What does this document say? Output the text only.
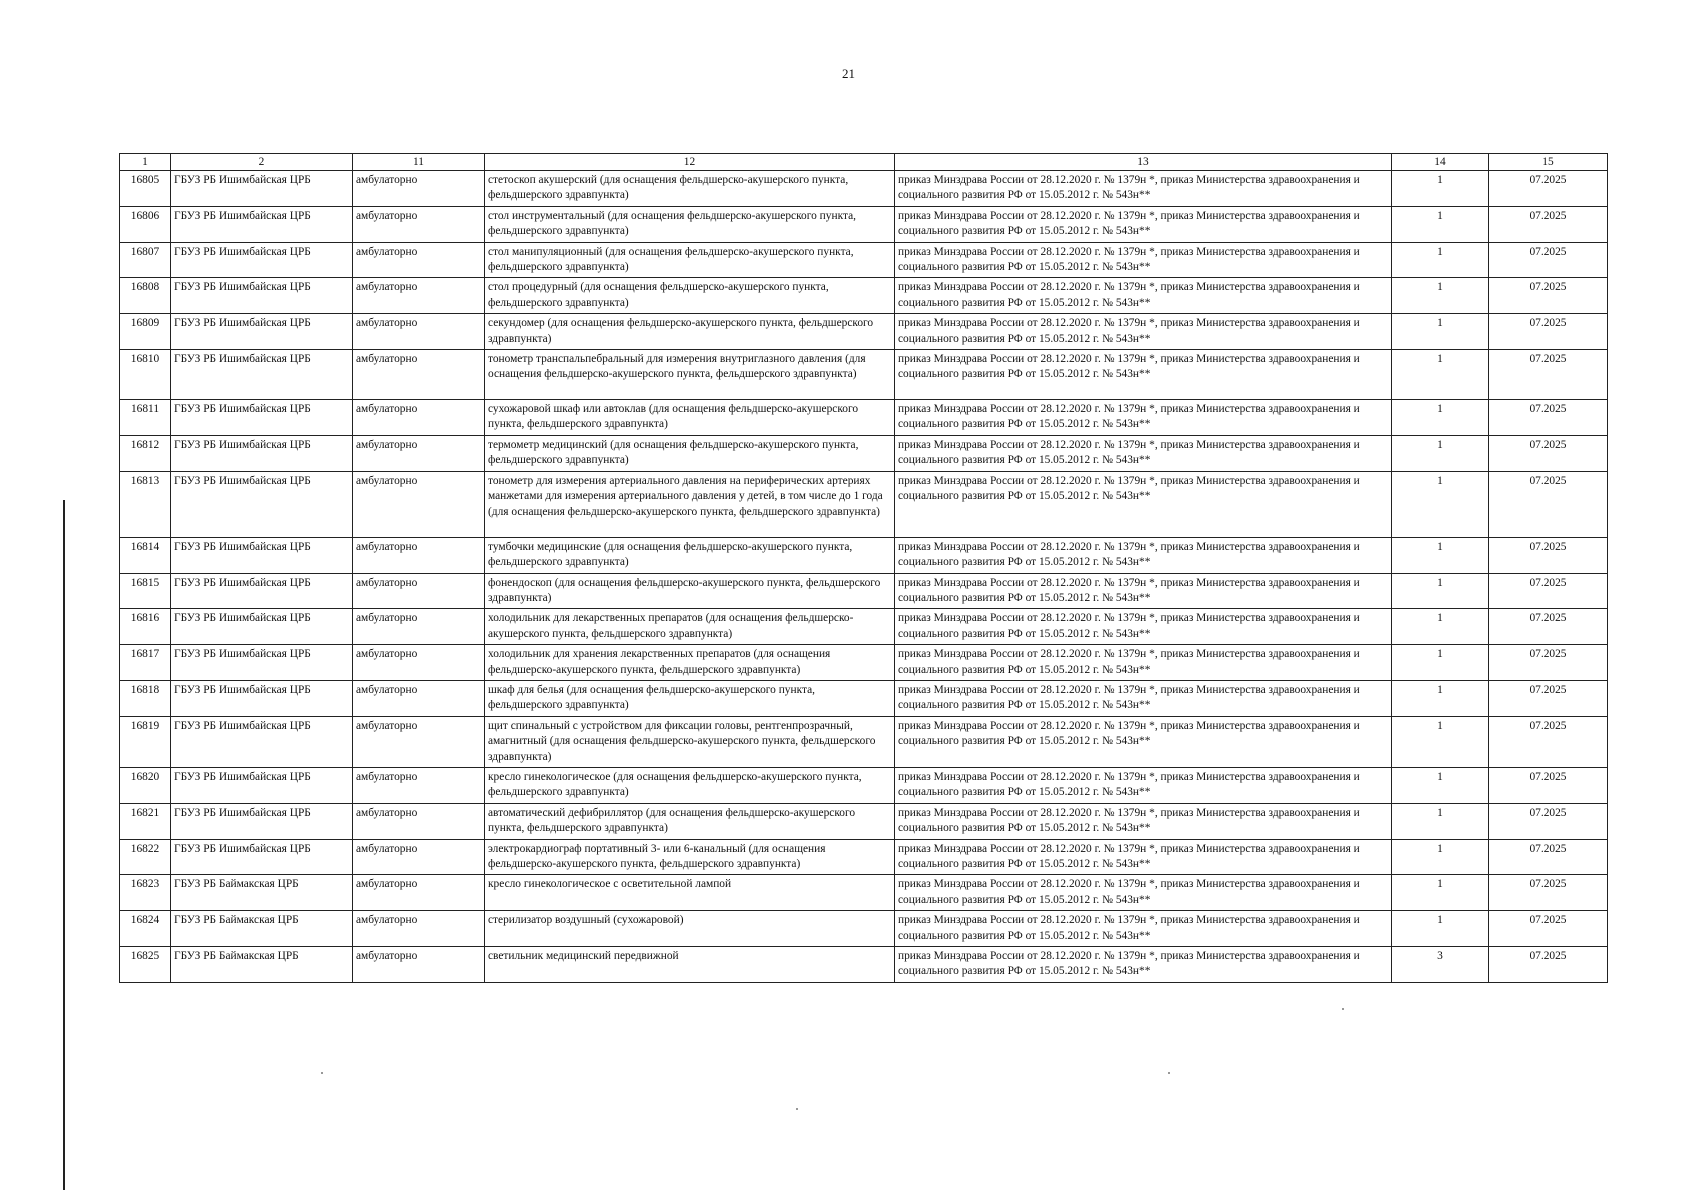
21
1	2	11	12	13	14	15
16805	ГБУЗ РБ Ишимбайская ЦРБ	амбулаторно	стетоскоп акушерский (для оснащения фельдшерско-акушерского пункта, фельдшерского здравпункта)	приказ Минздрава России от 28.12.2020 г. № 1379н *, приказ Министерства здравоохранения и социального развития РФ от 15.05.2012 г. № 543н**	1	07.2025
16806	ГБУЗ РБ Ишимбайская ЦРБ	амбулаторно	стол инструментальный (для оснащения фельдшерско-акушерского пункта, фельдшерского здравпункта)	приказ Минздрава России от 28.12.2020 г. № 1379н *, приказ Министерства здравоохранения и социального развития РФ от 15.05.2012 г. № 543н**	1	07.2025
16807	ГБУЗ РБ Ишимбайская ЦРБ	амбулаторно	стол манипуляционный (для оснащения фельдшерско-акушерского пункта, фельдшерского здравпункта)	приказ Минздрава России от 28.12.2020 г. № 1379н *, приказ Министерства здравоохранения и социального развития РФ от 15.05.2012 г. № 543н**	1	07.2025
16808	ГБУЗ РБ Ишимбайская ЦРБ	амбулаторно	стол процедурный (для оснащения фельдшерско-акушерского пункта, фельдшерского здравпункта)	приказ Минздрава России от 28.12.2020 г. № 1379н *, приказ Министерства здравоохранения и социального развития РФ от 15.05.2012 г. № 543н**	1	07.2025
16809	ГБУЗ РБ Ишимбайская ЦРБ	амбулаторно	секундомер (для оснащения фельдшерско-акушерского пункта, фельдшерского здравпункта)	приказ Минздрава России от 28.12.2020 г. № 1379н *, приказ Министерства здравоохранения и социального развития РФ от 15.05.2012 г. № 543н**	1	07.2025
16810	ГБУЗ РБ Ишимбайская ЦРБ	амбулаторно	тонометр транспальпебральный для измерения внутриглазного давления (для оснащения фельдшерско-акушерского пункта, фельдшерского здравпункта)	приказ Минздрава России от 28.12.2020 г. № 1379н *, приказ Министерства здравоохранения и социального развития РФ от 15.05.2012 г. № 543н**	1	07.2025
16811	ГБУЗ РБ Ишимбайская ЦРБ	амбулаторно	сухожаровой шкаф или автоклав (для оснащения фельдшерско-акушерского пункта, фельдшерского здравпункта)	приказ Минздрава России от 28.12.2020 г. № 1379н *, приказ Министерства здравоохранения и социального развития РФ от 15.05.2012 г. № 543н**	1	07.2025
16812	ГБУЗ РБ Ишимбайская ЦРБ	амбулаторно	термометр медицинский (для оснащения фельдшерско-акушерского пункта, фельдшерского здравпункта)	приказ Минздрава России от 28.12.2020 г. № 1379н *, приказ Министерства здравоохранения и социального развития РФ от 15.05.2012 г. № 543н**	1	07.2025
16813	ГБУЗ РБ Ишимбайская ЦРБ	амбулаторно	тонометр для измерения артериального давления на периферических артериях манжетами для измерения артериального давления у детей, в том числе до 1 года (для оснащения фельдшерско-акушерского пункта, фельдшерского здравпункта)	приказ Минздрава России от 28.12.2020 г. № 1379н *, приказ Министерства здравоохранения и социального развития РФ от 15.05.2012 г. № 543н**	1	07.2025
16814	ГБУЗ РБ Ишимбайская ЦРБ	амбулаторно	тумбочки медицинские (для оснащения фельдшерско-акушерского пункта, фельдшерского здравпункта)	приказ Минздрава России от 28.12.2020 г. № 1379н *, приказ Министерства здравоохранения и социального развития РФ от 15.05.2012 г. № 543н**	1	07.2025
16815	ГБУЗ РБ Ишимбайская ЦРБ	амбулаторно	фонендоскоп (для оснащения фельдшерско-акушерского пункта, фельдшерского здравпункта)	приказ Минздрава России от 28.12.2020 г. № 1379н *, приказ Министерства здравоохранения и социального развития РФ от 15.05.2012 г. № 543н**	1	07.2025
16816	ГБУЗ РБ Ишимбайская ЦРБ	амбулаторно	холодильник для лекарственных препаратов (для оснащения фельдшерско-акушерского пункта, фельдшерского здравпункта)	приказ Минздрава России от 28.12.2020 г. № 1379н *, приказ Министерства здравоохранения и социального развития РФ от 15.05.2012 г. № 543н**	1	07.2025
16817	ГБУЗ РБ Ишимбайская ЦРБ	амбулаторно	холодильник для хранения лекарственных препаратов (для оснащения фельдшерско-акушерского пункта, фельдшерского здравпункта)	приказ Минздрава России от 28.12.2020 г. № 1379н *, приказ Министерства здравоохранения и социального развития РФ от 15.05.2012 г. № 543н**	1	07.2025
16818	ГБУЗ РБ Ишимбайская ЦРБ	амбулаторно	шкаф для белья (для оснащения фельдшерско-акушерского пункта, фельдшерского здравпункта)	приказ Минздрава России от 28.12.2020 г. № 1379н *, приказ Министерства здравоохранения и социального развития РФ от 15.05.2012 г. № 543н**	1	07.2025
16819	ГБУЗ РБ Ишимбайская ЦРБ	амбулаторно	щит спинальный с устройством для фиксации головы, рентгенпрозрачный, амагнитный (для оснащения фельдшерско-акушерского пункта, фельдшерского здравпункта)	приказ Минздрава России от 28.12.2020 г. № 1379н *, приказ Министерства здравоохранения и социального развития РФ от 15.05.2012 г. № 543н**	1	07.2025
16820	ГБУЗ РБ Ишимбайская ЦРБ	амбулаторно	кресло гинекологическое (для оснащения фельдшерско-акушерского пункта, фельдшерского здравпункта)	приказ Минздрава России от 28.12.2020 г. № 1379н *, приказ Министерства здравоохранения и социального развития РФ от 15.05.2012 г. № 543н**	1	07.2025
16821	ГБУЗ РБ Ишимбайская ЦРБ	амбулаторно	автоматический дефибриллятор (для оснащения фельдшерско-акушерского пункта, фельдшерского здравпункта)	приказ Минздрава России от 28.12.2020 г. № 1379н *, приказ Министерства здравоохранения и социального развития РФ от 15.05.2012 г. № 543н**	1	07.2025
16822	ГБУЗ РБ Ишимбайская ЦРБ	амбулаторно	электрокардиограф портативный 3- или 6-канальный (для оснащения фельдшерско-акушерского пункта, фельдшерского здравпункта)	приказ Минздрава России от 28.12.2020 г. № 1379н *, приказ Министерства здравоохранения и социального развития РФ от 15.05.2012 г. № 543н**	1	07.2025
16823	ГБУЗ РБ Баймакская ЦРБ	амбулаторно	кресло гинекологическое с осветительной лампой	приказ Минздрава России от 28.12.2020 г. № 1379н *, приказ Министерства здравоохранения и социального развития РФ от 15.05.2012 г. № 543н**	1	07.2025
16824	ГБУЗ РБ Баймакская ЦРБ	амбулаторно	стерилизатор воздушный (сухожаровой)	приказ Минздрава России от 28.12.2020 г. № 1379н *, приказ Министерства здравоохранения и социального развития РФ от 15.05.2012 г. № 543н**	1	07.2025
16825	ГБУЗ РБ Баймакская ЦРБ	амбулаторно	светильник медицинский передвижной	приказ Минздрава России от 28.12.2020 г. № 1379н *, приказ Министерства здравоохранения и социального развития РФ от 15.05.2012 г. № 543н**	3	07.2025
